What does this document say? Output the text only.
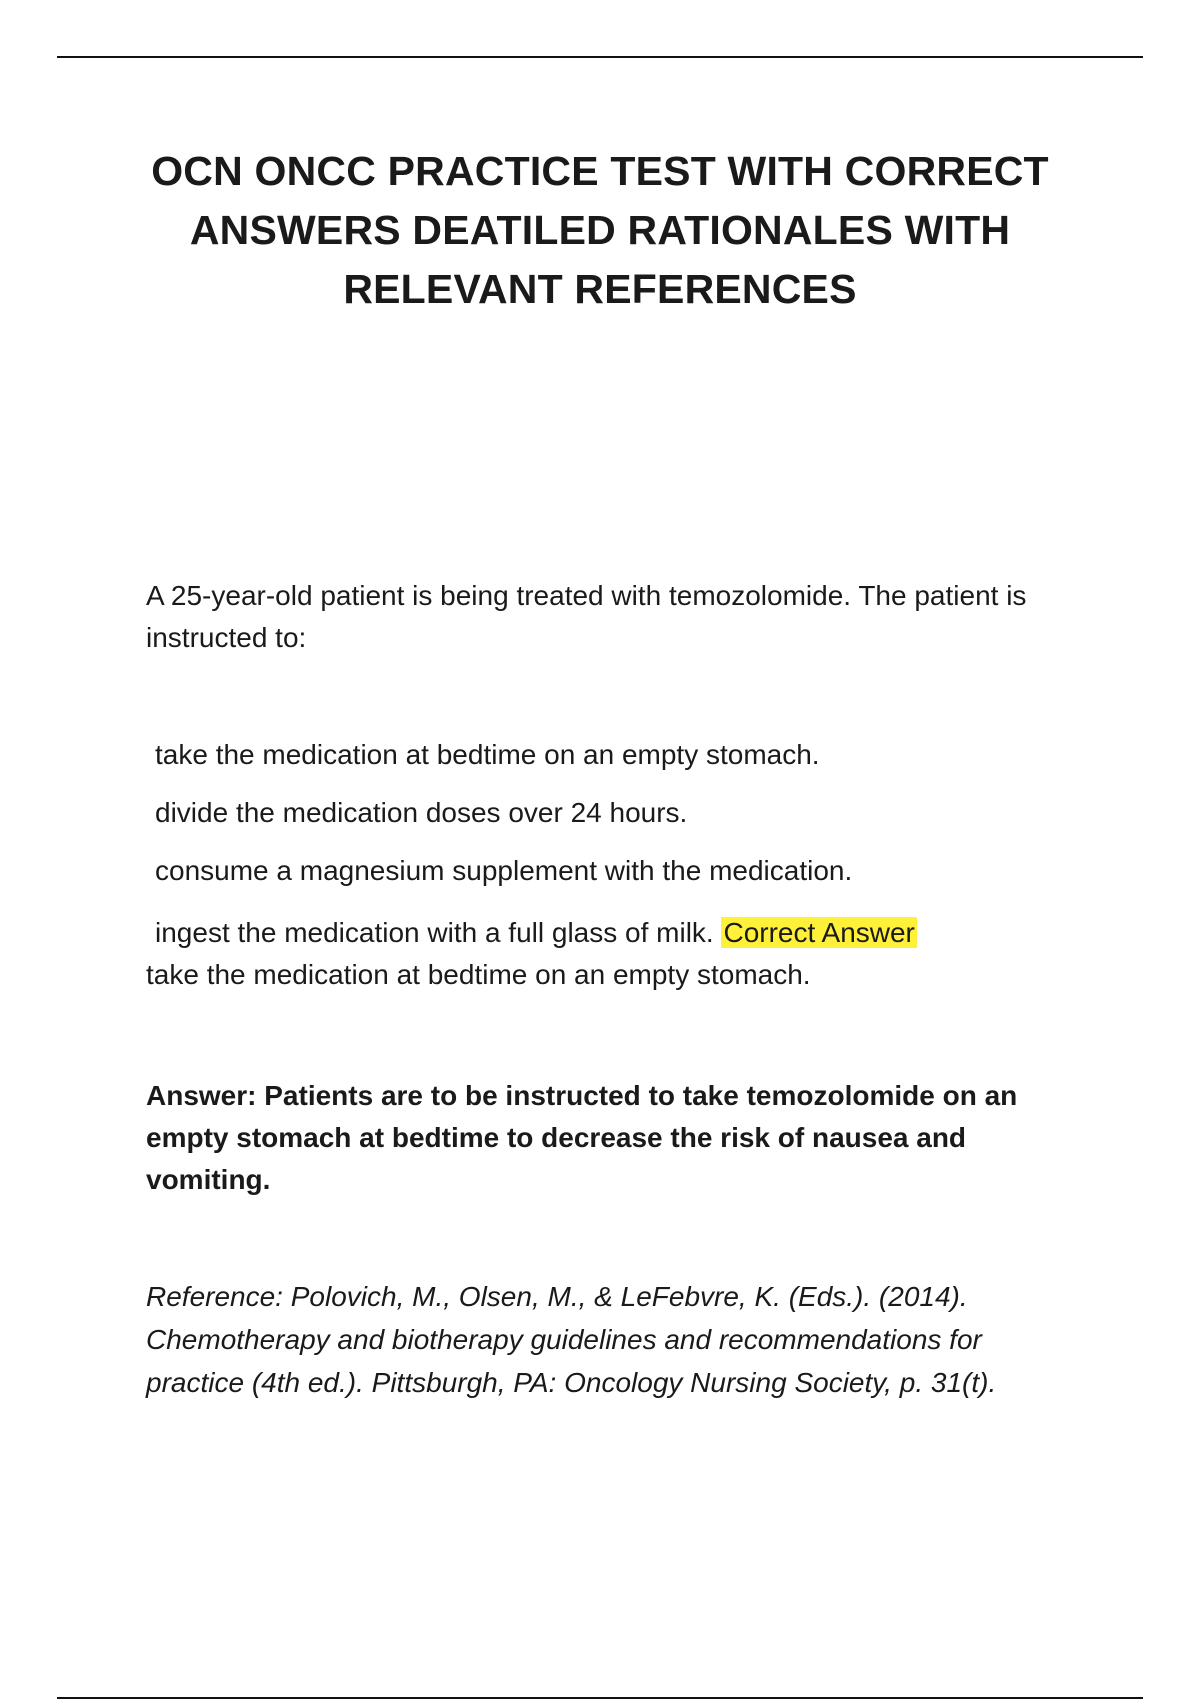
OCN ONCC PRACTICE TEST WITH CORRECT ANSWERS DEATILED RATIONALES WITH RELEVANT REFERENCES

A 25-year-old patient is being treated with temozolomide. The patient is instructed to:

take the medication at bedtime on an empty stomach.
divide the medication doses over 24 hours.
consume a magnesium supplement with the medication.

ingest the medication with a full glass of milk. Correct Answer
take the medication at bedtime on an empty stomach.

Answer: Patients are to be instructed to take temozolomide on an empty stomach at bedtime to decrease the risk of nausea and vomiting.

Reference: Polovich, M., Olsen, M., & LeFebvre, K. (Eds.). (2014). Chemotherapy and biotherapy guidelines and recommendations for practice (4th ed.). Pittsburgh, PA: Oncology Nursing Society, p. 31(t).
